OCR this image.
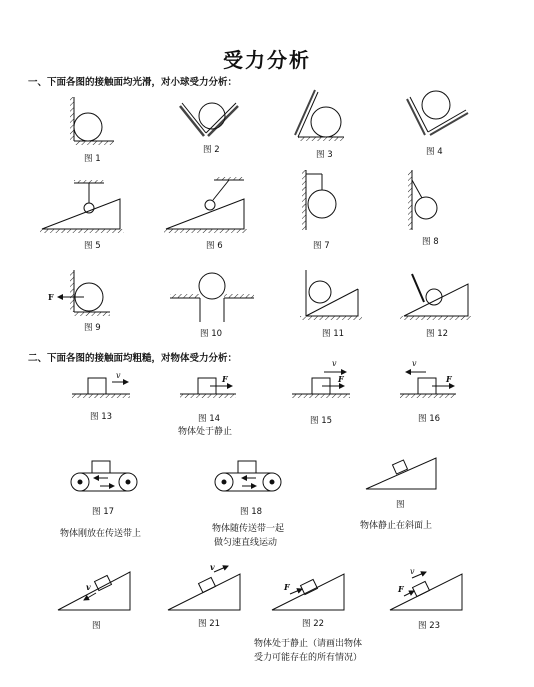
受力分析
一、下面各图的接触面均光滑，对小球受力分析：
二、下面各图的接触面均粗糙，对物体受力分析：
v	F	F
v
F
v
v
v
F	F
v
F
图 1
图 2	图 3	图 4
图 5	图 6	图 7	图 8
图 9
图 10	图 11	图 12
图 13	图 14	图 15	图 16
图 17	图 18
图
图	图 21	图 22	图 23
物体处于静止
物体刚放在传送带上	物体随传送带一起
做匀速直线运动
物体静止在斜面上
物体处于静止（请画出物体
受力可能存在的所有情况）
